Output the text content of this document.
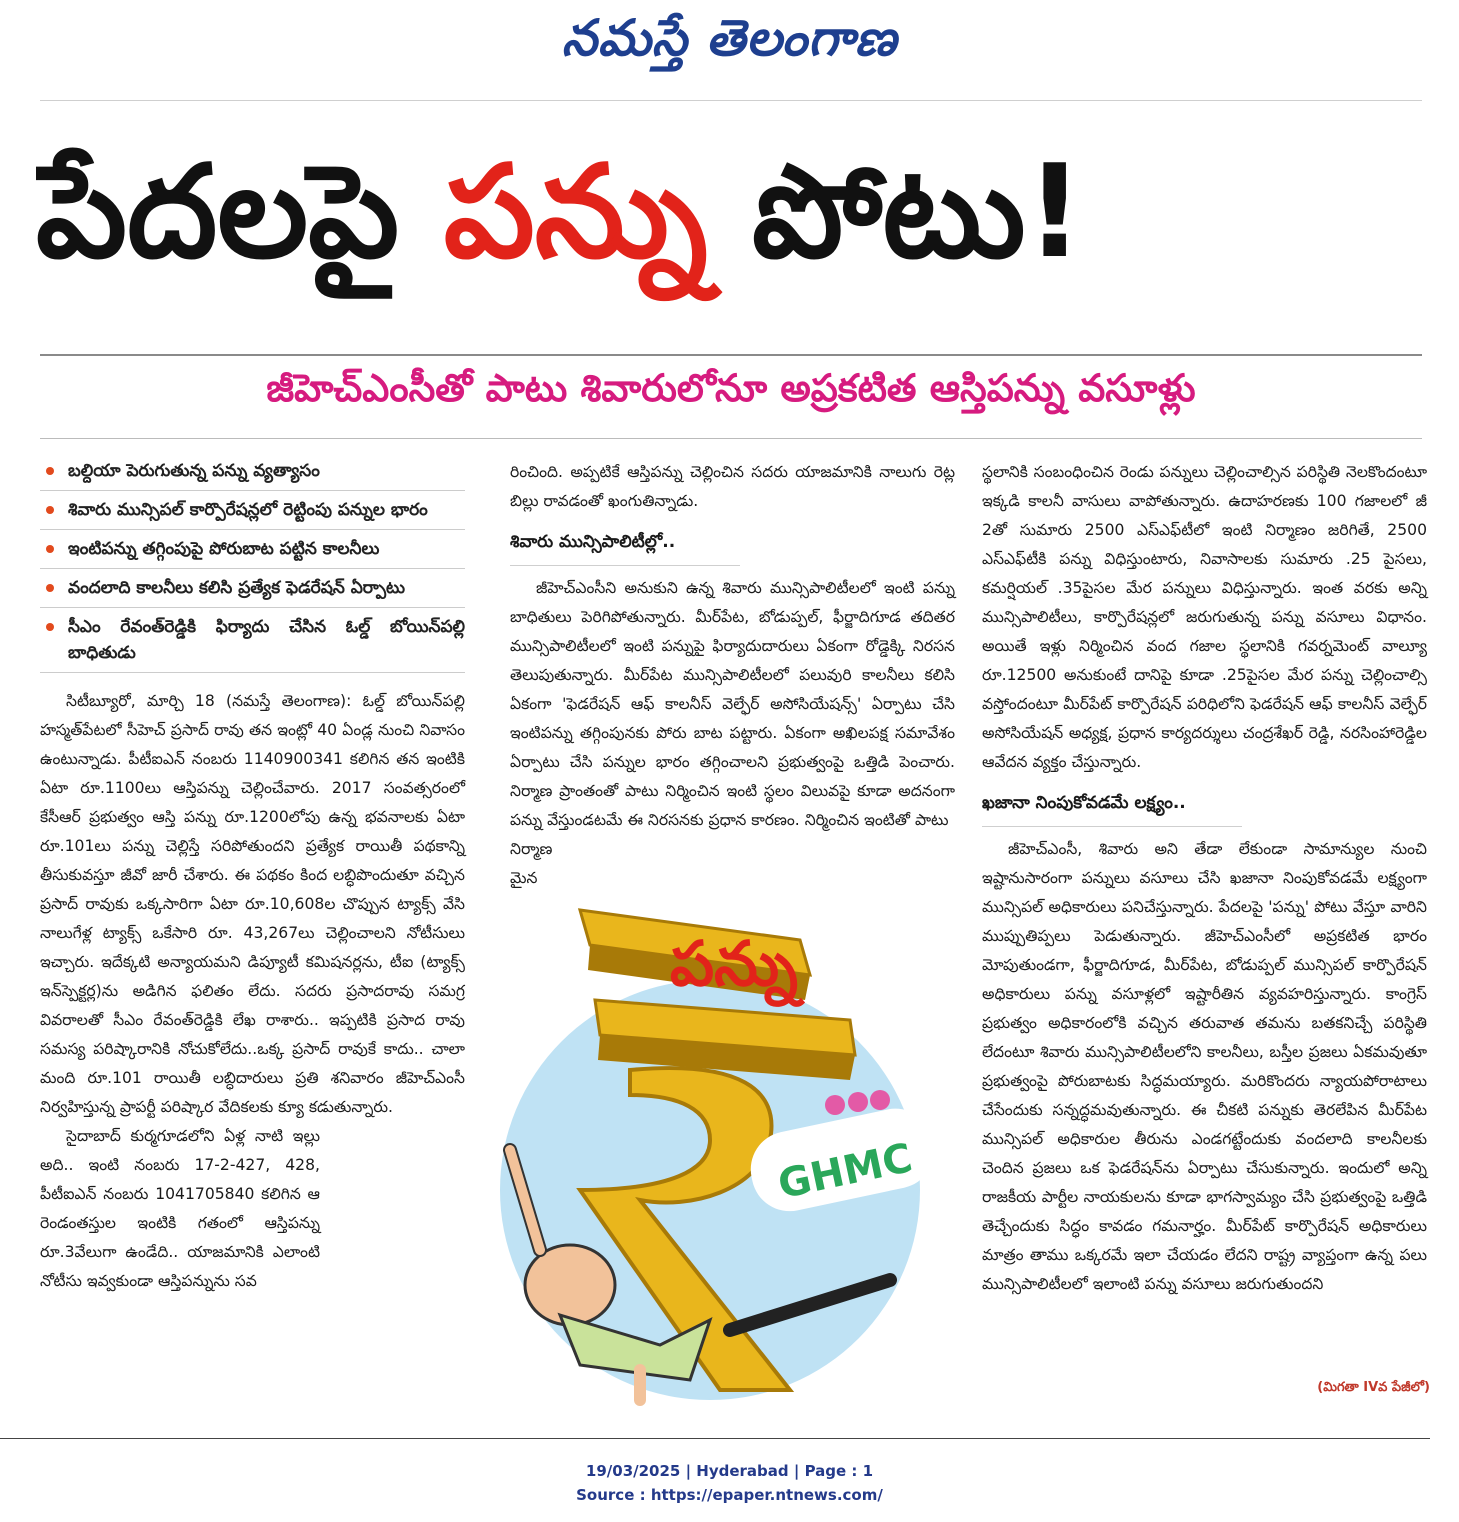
నమస్తే తెలంగాణ
పేదలపై పన్ను పోటు!
జీహెచ్‌ఎంసీతో పాటు శివారులోనూ అప్రకటిత ఆస్తిపన్ను వసూళ్లు
బల్దియా పెరుగుతున్న పన్ను వ్యత్యాసం
శివారు మున్సిపల్ కార్పొరేషన్లలో రెట్టింపు పన్నుల భారం
ఇంటిపన్ను తగ్గింపుపై పోరుబాట పట్టిన కాలనీలు
వందలాది కాలనీలు కలిసి ప్రత్యేక ఫెడరేషన్ ఏర్పాటు
సీఎం రేవంత్‌రెడ్డికి ఫిర్యాదు చేసిన ఓల్డ్ బోయిన్‌పల్లి బాధితుడు

సిటీబ్యూరో, మార్చి 18 (నమస్తే తెలంగాణ): ఓల్డ్ బోయిన్‌పల్లి హస్మత్‌పేటలో సీహెచ్ ప్రసాద్ రావు తన ఇంట్లో 40 ఏండ్ల నుంచి నివాసం ఉంటున్నాడు. పీటీఐఎన్ నంబరు 1140900341 కలిగిన తన ఇంటికి ఏటా రూ.1100లు ఆస్తిపన్ను చెల్లించేవారు. 2017 సంవత్సరంలో కేసీఆర్ ప్రభుత్వం ఆస్తి పన్ను రూ.1200లోపు ఉన్న భవనాలకు ఏటా రూ.101లు పన్ను చెల్లిస్తే సరిపోతుందని ప్రత్యేక రాయితీ పథకాన్ని తీసుకువస్తూ జీవో జారీ చేశారు. ఈ పథకం కింద లబ్ధిపొందుతూ వచ్చిన ప్రసాద్ రావుకు ఒక్కసారిగా ఏటా రూ.10,608ల చొప్పున ట్యాక్స్ వేసి నాలుగేళ్ల ట్యాక్స్ ఒకేసారి రూ. 43,267లు చెల్లించాలని నోటీసులు ఇచ్చారు. ఇదేక్కటి అన్యాయమని డిప్యూటీ కమిషనర్లను, టీఐ (ట్యాక్స్ ఇన్‌స్పెక్టర్ల)ను అడిగిన ఫలితం లేదు. సదరు ప్రసాదరావు సమగ్ర వివరాలతో సీఎం రేవంత్‌రెడ్డికి లేఖ రాశారు.. ఇప్పటికి ప్రసాద రావు సమస్య పరిష్కారానికి నోచుకోలేదు..ఒక్క ప్రసాద్ రావుకే కాదు.. చాలా మంది రూ.101 రాయితీ లబ్ధిదారులు ప్రతి శనివారం జీహెచ్‌ఎంసీ నిర్వహిస్తున్న ప్రాపర్టీ పరిష్కార వేదికలకు క్యూ కడుతున్నారు.

సైదాబాద్ కుర్మగూడలోని ఏళ్ల నాటి ఇల్లు అది.. ఇంటి నంబరు 17-2-427, 428, పీటీఐఎన్ నంబరు 1041705840 కలిగిన ఆ రెండంతస్తుల ఇంటికి గతంలో ఆస్తిపన్ను రూ.3వేలుగా ఉండేది.. యాజమానికి ఎలాంటి నోటీసు ఇవ్వకుండా ఆస్తిపన్నును సవ

రించింది. అప్పటికే ఆస్తిపన్ను చెల్లించిన సదరు యాజమానికి నాలుగు రెట్ల బిల్లు రావడంతో ఖంగుతిన్నాడు.

శివారు మున్సిపాలిటీల్లో..

జీహెచ్‌ఎంసీని అనుకుని ఉన్న శివారు మున్సిపాలిటీలలో ఇంటి పన్ను బాధితులు పెరిగిపోతున్నారు. మీర్‌పేట, బోడుప్పల్, ఫీర్జాదిగూడ తదితర మున్సిపాలిటీలలో ఇంటి పన్నుపై ఫిర్యాదుదారులు ఏకంగా రోడ్డెక్కి నిరసన తెలుపుతున్నారు. మీర్‌పేట మున్సిపాలిటీలలో పలువురి కాలనీలు కలిసి ఏకంగా 'ఫెడరేషన్ ఆఫ్ కాలనీస్ వెల్ఫేర్ అసోసియేషన్స్' ఏర్పాటు చేసి ఇంటిపన్ను తగ్గింపునకు పోరు బాట పట్టారు. ఏకంగా అఖిలపక్ష సమావేశం ఏర్పాటు చేసి పన్నుల భారం తగ్గించాలని ప్రభుత్వంపై ఒత్తిడి పెంచారు. నిర్మాణ ప్రాంతంతో పాటు నిర్మించిన ఇంటి స్థలం విలువపై కూడా అదనంగా పన్ను వేస్తుండటమే ఈ నిరసనకు ప్రధాన కారణం. నిర్మించిన ఇంటితో పాటు

నిర్మాణ మైన

స్థలానికి సంబంధించిన రెండు పన్నులు చెల్లించాల్సిన పరిస్థితి నెలకొందంటూ ఇక్కడి కాలనీ వాసులు వాపోతున్నారు. ఉదాహరణకు 100 గజాలలో జీ 2తో సుమారు 2500 ఎస్‌ఎఫ్‌టీలో ఇంటి నిర్మాణం జరిగితే, 2500 ఎస్‌ఎఫ్‌టీకి పన్ను విధిస్తుంటారు, నివాసాలకు సుమారు .25 పైసలు, కమర్షియల్ .35పైసల మేర పన్నులు విధిస్తున్నారు. ఇంత వరకు అన్ని మున్సిపాలిటీలు, కార్పొరేషన్లలో జరుగుతున్న పన్ను వసూలు విధానం. అయితే ఇళ్లు నిర్మించిన వంద గజాల స్థలానికి గవర్నమెంట్ వాల్యూ రూ.12500 అనుకుంటే దానిపై కూడా .25పైసల మేర పన్ను చెల్లించాల్సి వస్తోందంటూ మీర్‌పేట్ కార్పొరేషన్ పరిధిలోని ఫెడరేషన్ ఆఫ్ కాలనీస్ వెల్ఫేర్ అసోసియేషన్ అధ్యక్ష, ప్రధాన కార్యదర్శులు చంద్రశేఖర్ రెడ్డి, నరసింహారెడ్డిల ఆవేదన వ్యక్తం చేస్తున్నారు.

ఖజానా నింపుకోవడమే లక్ష్యం..

జీహెచ్‌ఎంసీ, శివారు అని తేడా లేకుండా సామాన్యుల నుంచి ఇష్టానుసారంగా పన్నులు వసూలు చేసి ఖజానా నింపుకోవడమే లక్ష్యంగా మున్సిపల్ అధికారులు పనిచేస్తున్నారు. పేదలపై 'పన్ను' పోటు వేస్తూ వారిని ముప్పుతిప్పలు పెడుతున్నారు. జీహెచ్‌ఎంసీలో అప్రకటిత భారం మోపుతుండగా, ఫీర్జాదిగూడ, మీర్‌పేట, బోడుప్పల్ మున్సిపల్ కార్పొరేషన్ అధికారులు పన్ను వసూళ్లలో ఇష్టారీతిన వ్యవహరిస్తున్నారు. కాంగ్రెస్ ప్రభుత్వం అధికారంలోకి వచ్చిన తరువాత తమను బతకనిచ్చే పరిస్థితి లేదంటూ శివారు మున్సిపాలిటీలలోని కాలనీలు, బస్తీల ప్రజలు ఏకమవుతూ ప్రభుత్వంపై పోరుబాటకు సిద్ధమయ్యారు. మరికొందరు న్యాయపోరాటాలు చేసేందుకు సన్నద్ధమవుతున్నారు. ఈ చీకటి పన్నుకు తెరలేపిన మీర్‌పేట మున్సిపల్ అధికారుల తీరును ఎండగట్టేందుకు వందలాది కాలనీలకు చెందిన ప్రజలు ఒక ఫెడరేషన్‌ను ఏర్పాటు చేసుకున్నారు. ఇందులో అన్ని రాజకీయ పార్టీల నాయకులను కూడా భాగస్వామ్యం చేసి ప్రభుత్వంపై ఒత్తిడి తెచ్చేందుకు సిద్ధం కావడం గమనార్హం. మీర్‌పేట్ కార్పొరేషన్ అధికారులు మాత్రం తాము ఒక్కరమే ఇలా చేయడం లేదని రాష్ట్ర వ్యాప్తంగా ఉన్న పలు మున్సిపాలిటీలలో ఇలాంటి పన్ను వసూలు జరుగుతుందని

పన్ను
GHMC
(మిగతా IVవ పేజీలో)
19/03/2025 | Hyderabad | Page : 1
Source : https://epaper.ntnews.com/
